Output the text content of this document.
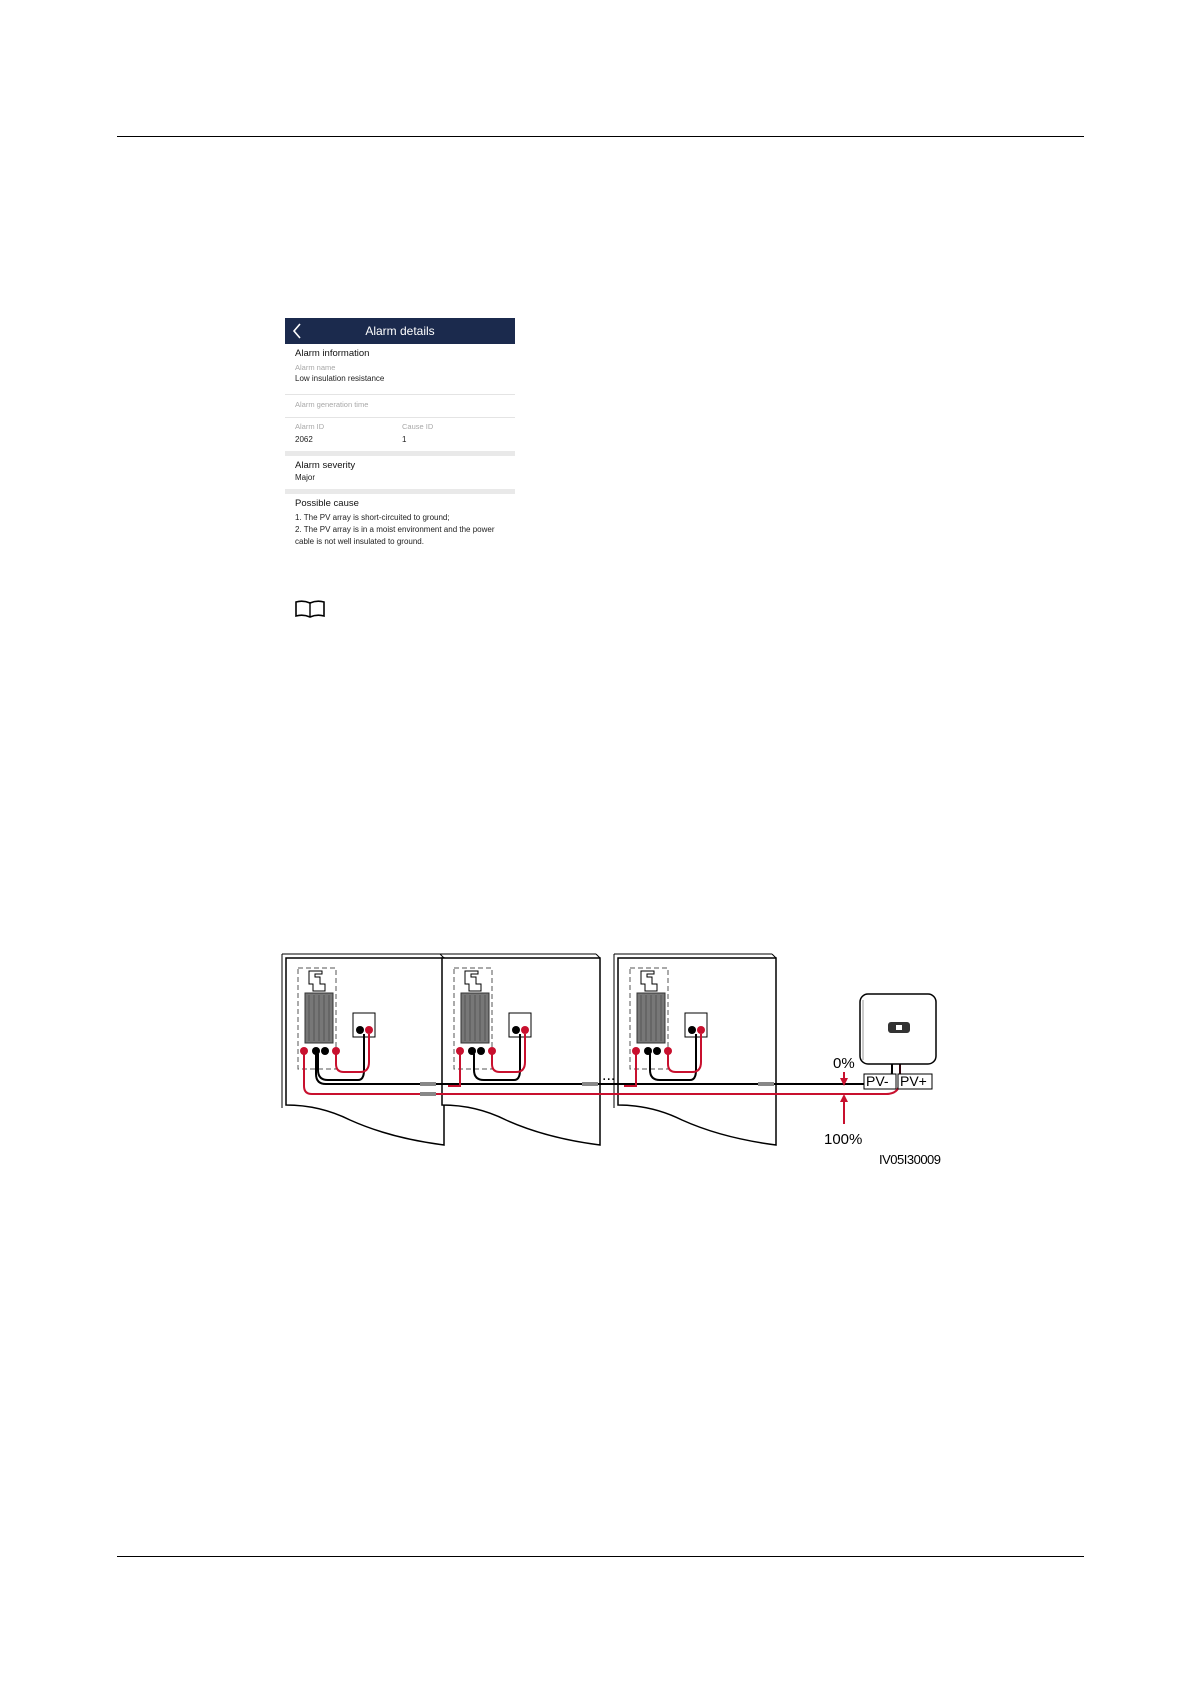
Alarm details
Alarm information
Alarm name
Low insulation resistance
Alarm generation time
Alarm ID
2062
Cause ID
1
Alarm severity
Major
Possible cause
1. The PV array is short-circuited to ground;
2. The PV array is in a moist environment and the power
cable is not well insulated to ground.
...	PV- PV+
0%
100%
IV05I30009
